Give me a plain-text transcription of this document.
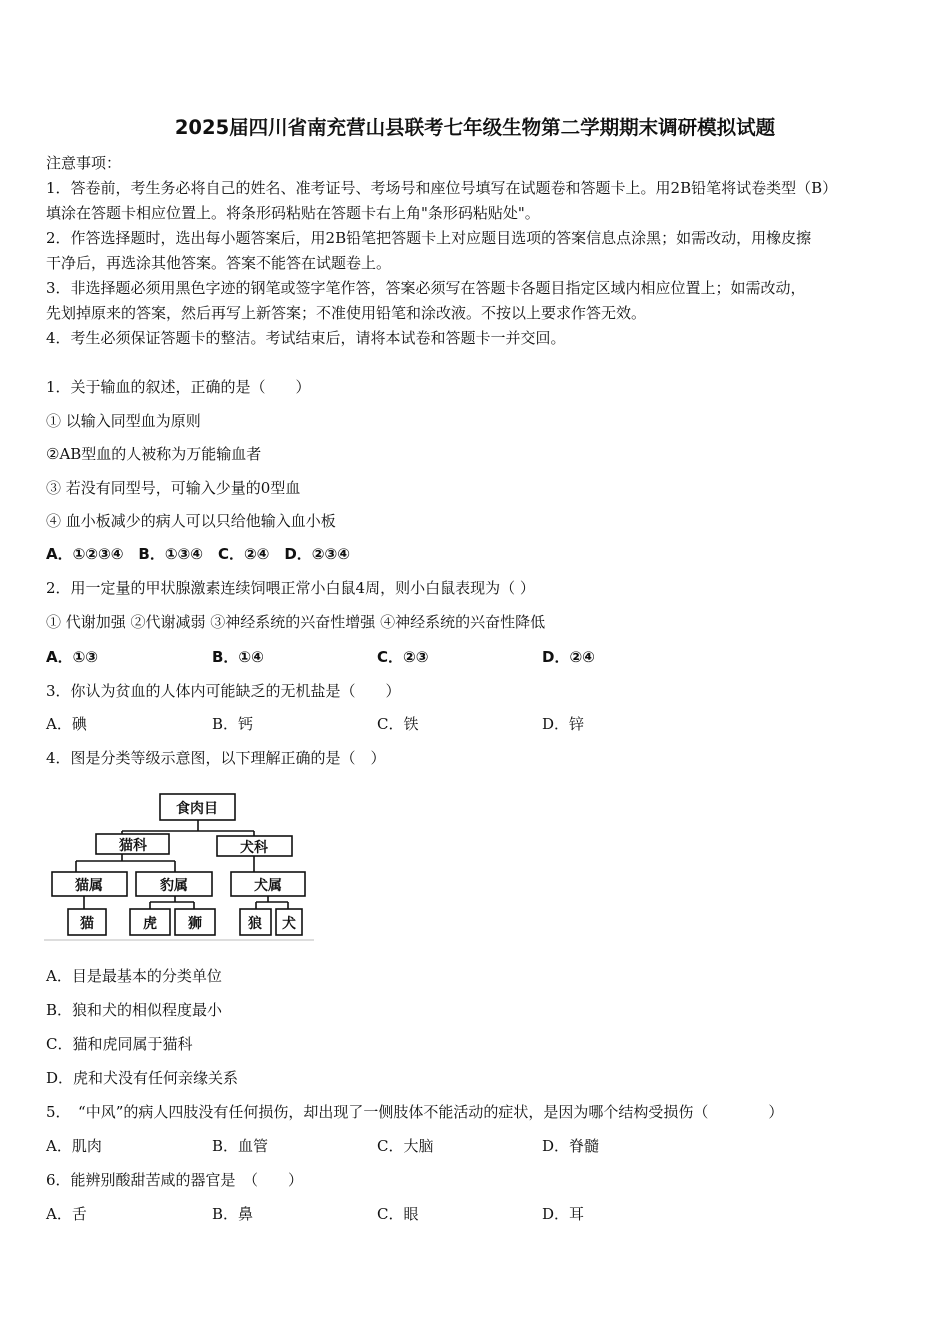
2025届四川省南充营山县联考七年级生物第二学期期末调研模拟试题
注意事项：
1．答卷前，考生务必将自己的姓名、准考证号、考场号和座位号填写在试题卷和答题卡上。用2B铅笔将试卷类型（B）
填涂在答题卡相应位置上。将条形码粘贴在答题卡右上角"条形码粘贴处"。
2．作答选择题时，选出每小题答案后，用2B铅笔把答题卡上对应题目选项的答案信息点涂黑；如需改动，用橡皮擦
干净后，再选涂其他答案。答案不能答在试题卷上。
3．非选择题必须用黑色字迹的钢笔或签字笔作答，答案必须写在答题卡各题目指定区域内相应位置上；如需改动，
先划掉原来的答案，然后再写上新答案；不准使用铅笔和涂改液。不按以上要求作答无效。
4．考生必须保证答题卡的整洁。考试结束后，请将本试卷和答题卡一并交回。
1．关于输血的叙述，正确的是（　　）
① 以输入同型血为原则
②AB型血的人被称为万能输血者
③ 若没有同型号，可输入少量的0型血
④ 血小板减少的病人可以只给他输入血小板
A．①②③④　B．①③④　C．②④　D．②③④
2．用一定量的甲状腺激素连续饲喂正常小白鼠4周，则小白鼠表现为（ ）
① 代谢加强 ②代谢减弱 ③神经系统的兴奋性增强 ④神经系统的兴奋性降低
A．①③	B．①④	C．②③	D．②④
3．你认为贫血的人体内可能缺乏的无机盐是（　　）
A．碘	B．钙	C．铁	D．锌
4．图是分类等级示意图，以下理解正确的是（　）
食肉目
猫科	犬科
猫属	豹属	犬属
猫	虎 狮	狼 犬
A．目是最基本的分类单位
B．狼和犬的相似程度最小
C．猫和虎同属于猫科
D．虎和犬没有任何亲缘关系
5．　“中风”的病人四肢没有任何损伤，却出现了一侧肢体不能活动的症状，是因为哪个结构受损伤（　　　　）
A．肌肉	B．血管	C．大脑	D．脊髓
6．能辨别酸甜苦咸的器官是　（　　）
A．舌	B．鼻	C．眼	D．耳
